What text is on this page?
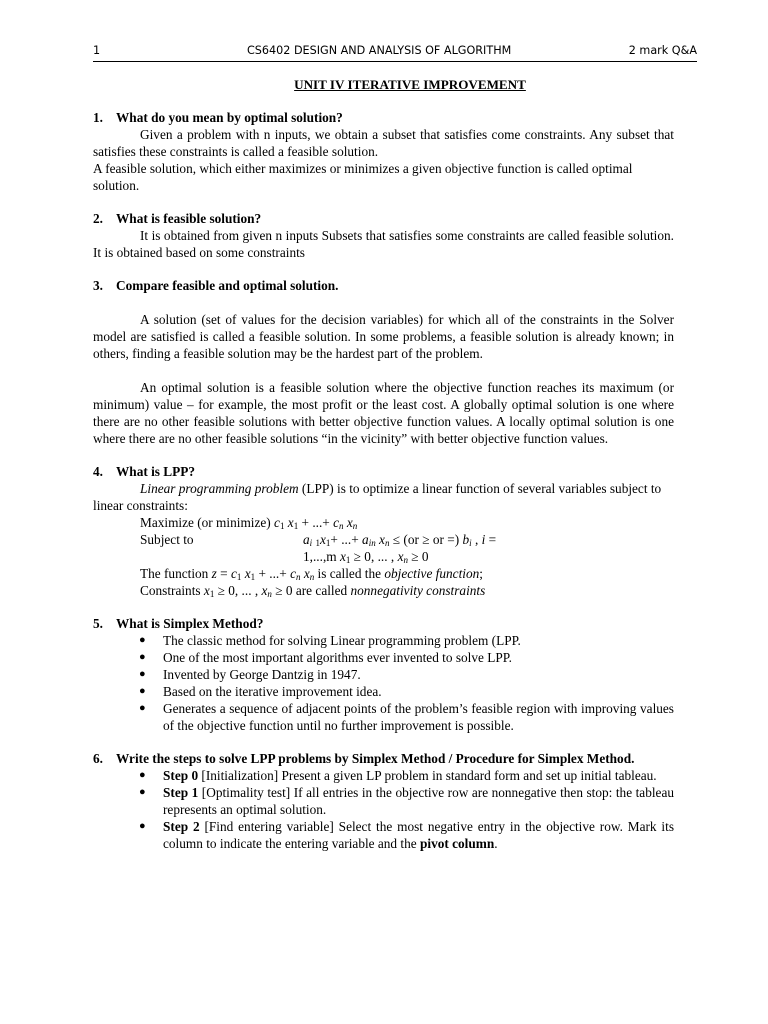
1	CS6402 DESIGN AND ANALYSIS OF ALGORITHM	2 mark Q&A
UNIT IV ITERATIVE IMPROVEMENT

1. What do you mean by optimal solution?

Given a problem with n inputs, we obtain a subset that satisfies come constraints. Any subset that satisfies these constraints is called a feasible solution.

A feasible solution, which either maximizes or minimizes a given objective function is called optimal solution.

2. What is feasible solution?

It is obtained from given n inputs Subsets that satisfies some constraints are called feasible solution. It is obtained based on some constraints

3. Compare feasible and optimal solution.

A solution (set of values for the decision variables) for which all of the constraints in the Solver model are satisfied is called a feasible solution. In some problems, a feasible solution is already known; in others, finding a feasible solution may be the hardest part of the problem.

An optimal solution is a feasible solution where the objective function reaches its maximum (or minimum) value – for example, the most profit or the least cost. A globally optimal solution is one where there are no other feasible solutions with better objective function values. A locally optimal solution is one where there are no other feasible solutions “in the vicinity” with better objective function values.

4. What is LPP?

Linear programming problem (LPP) is to optimize a linear function of several variables subject to linear constraints:

Maximize (or minimize) $c_1$ $x_1$ + ...+ $c_n$ $x_n$

Subject to	$a_i$ $_1x_1+$ ...+ $a_{in}$ $x_n \le (or$ ≥ or =) $b_i$ , i =
1,...,m $x_1 \ge 0$, ... , $x_n \ge 0$

The function $z = c_1$ $x_1$ + ...+ $c_n$ $x_n$ is called the objective function; Constraints $x_1 \ge 0$, ... , $x_n \ge 0$ are called nonnegativity constraints

5. What is Simplex Method?

● The classic method for solving Linear programming problem (LPP.
● One of the most important algorithms ever invented to solve LPP.
● Invented by George Dantzig in 1947.
● Based on the iterative improvement idea.
● Generates a sequence of adjacent points of the problem’s feasible region with improving values of the objective function until no further improvement is possible.

6. Write the steps to solve LPP problems by Simplex Method / Procedure for Simplex Method.

● Step 0 [Initialization] Present a given LP problem in standard form and set up initial tableau.
● Step 1 [Optimality test] If all entries in the objective row are nonnegative then stop: the tableau represents an optimal solution.
● Step 2 [Find entering variable] Select the most negative entry in the objective row. Mark its column to indicate the entering variable and the pivot column.
